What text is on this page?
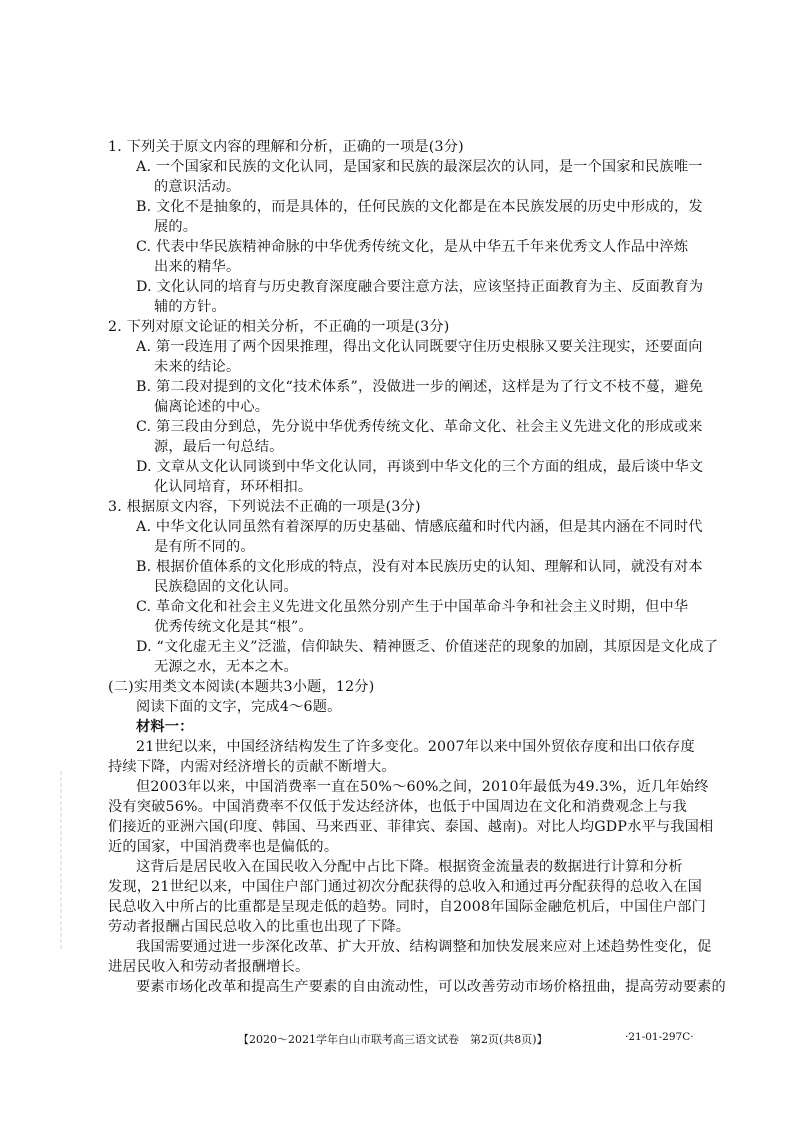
1. 下列关于原文内容的理解和分析，正确的一项是(3分)
A. 一个国家和民族的文化认同，是国家和民族的最深层次的认同，是一个国家和民族唯一
的意识活动。
B. 文化不是抽象的，而是具体的，任何民族的文化都是在本民族发展的历史中形成的，发
展的。
C. 代表中华民族精神命脉的中华优秀传统文化，是从中华五千年来优秀文人作品中淬炼
出来的精华。
D. 文化认同的培育与历史教育深度融合要注意方法，应该坚持正面教育为主、反面教育为
辅的方针。
2. 下列对原文论证的相关分析，不正确的一项是(3分)
A. 第一段连用了两个因果推理，得出文化认同既要守住历史根脉又要关注现实，还要面向
未来的结论。
B. 第二段对提到的文化“技术体系”，没做进一步的阐述，这样是为了行文不枝不蔓，避免
偏离论述的中心。
C. 第三段由分到总，先分说中华优秀传统文化、革命文化、社会主义先进文化的形成或来
源，最后一句总结。
D. 文章从文化认同谈到中华文化认同，再谈到中华文化的三个方面的组成，最后谈中华文
化认同培育，环环相扣。
3. 根据原文内容，下列说法不正确的一项是(3分)
A. 中华文化认同虽然有着深厚的历史基础、情感底蕴和时代内涵，但是其内涵在不同时代
是有所不同的。
B. 根据价值体系的文化形成的特点，没有对本民族历史的认知、理解和认同，就没有对本
民族稳固的文化认同。
C. 革命文化和社会主义先进文化虽然分别产生于中国革命斗争和社会主义时期，但中华
优秀传统文化是其“根”。
D. “文化虚无主义”泛滥，信仰缺失、精神匮乏、价值迷茫的现象的加剧，其原因是文化成了
无源之水，无本之木。
(二)实用类文本阅读(本题共3小题，12分)
阅读下面的文字，完成4～6题。
材料一：
21世纪以来，中国经济结构发生了许多变化。2007年以来中国外贸依存度和出口依存度
持续下降，内需对经济增长的贡献不断增大。
但2003年以来，中国消费率一直在50%～60%之间，2010年最低为49.3%，近几年始终
没有突破56%。中国消费率不仅低于发达经济体，也低于中国周边在文化和消费观念上与我
们接近的亚洲六国(印度、韩国、马来西亚、菲律宾、泰国、越南)。对比人均GDP水平与我国相
近的国家，中国消费率也是偏低的。
这背后是居民收入在国民收入分配中占比下降。根据资金流量表的数据进行计算和分析
发现，21世纪以来，中国住户部门通过初次分配获得的总收入和通过再分配获得的总收入在国
民总收入中所占的比重都是呈现走低的趋势。同时，自2008年国际金融危机后，中国住户部门
劳动者报酬占国民总收入的比重也出现了下降。
我国需要通过进一步深化改革、扩大开放、结构调整和加快发展来应对上述趋势性变化，促
进居民收入和劳动者报酬增长。
要素市场化改革和提高生产要素的自由流动性，可以改善劳动市场价格扭曲，提高劳动要素的
【2020～2021学年白山市联考高三语文试卷　第2页(共8页)】	·21-01-297C·
